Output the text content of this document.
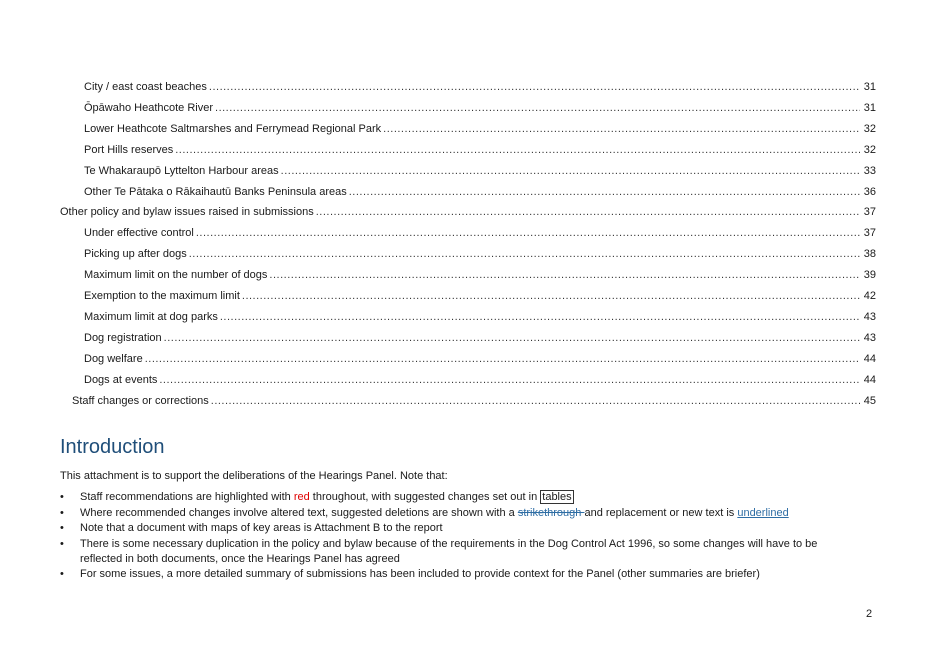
City / east coast beaches .....	31
Ōpāwaho Heathcote River .....	31
Lower Heathcote Saltmarshes and Ferrymead Regional Park .....	32
Port Hills reserves .....	32
Te Whakaraupō Lyttelton Harbour areas .....	33
Other Te Pātaka o Rākaihautū Banks Peninsula areas .....	36
Other policy and bylaw issues raised in submissions .....	37
Under effective control .....	37
Picking up after dogs .....	38
Maximum limit on the number of dogs .....	39
Exemption to the maximum limit .....	42
Maximum limit at dog parks .....	43
Dog registration .....	43
Dog welfare .....	44
Dogs at events .....	44
Staff changes or corrections .....	45
Introduction
This attachment is to support the deliberations of the Hearings Panel. Note that:
• Staff recommendations are highlighted with red throughout, with suggested changes set out in tables
• Where recommended changes involve altered text, suggested deletions are shown with a strikethrough and replacement or new text is underlined
• Note that a document with maps of key areas is Attachment B to the report
• There is some necessary duplication in the policy and bylaw because of the requirements in the Dog Control Act 1996, so some changes will have to be reflected in both documents, once the Hearings Panel has agreed
• For some issues, a more detailed summary of submissions has been included to provide context for the Panel (other summaries are briefer)
2
